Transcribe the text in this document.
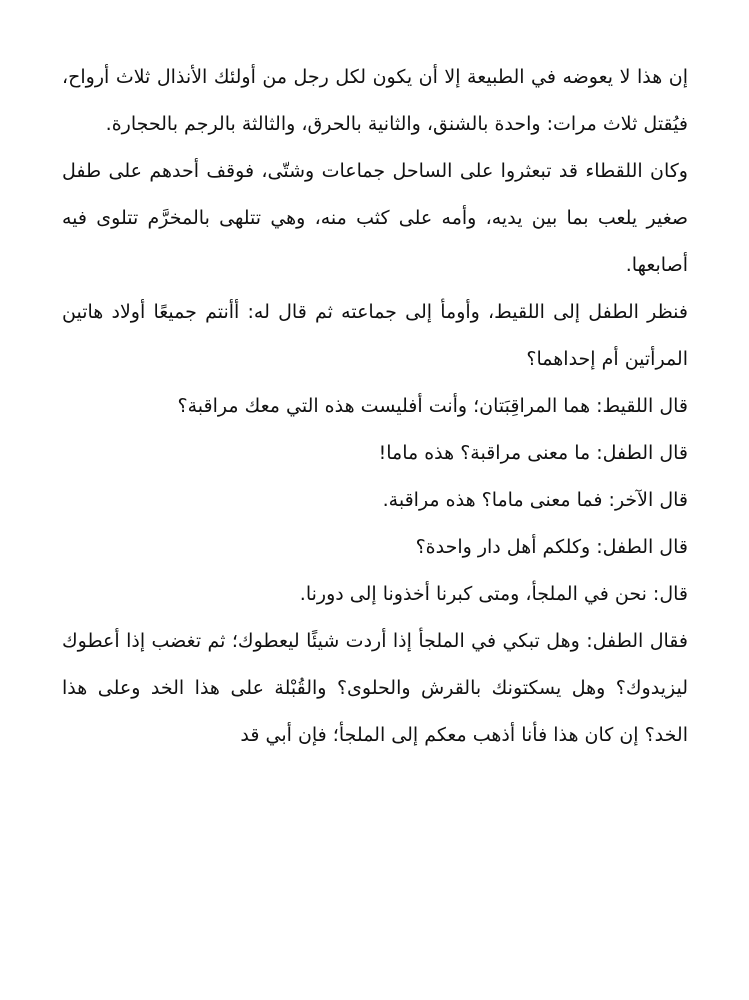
إن هذا لا يعوضه في الطبيعة إلا أن يكون لكل رجل من أولئك الأنذال ثلاث أرواح، فيُقتل ثلاث مرات: واحدة بالشنق، والثانية بالحرق، والثالثة بالرجم بالحجارة.

وكان اللقطاء قد تبعثروا على الساحل جماعات وشتّى، فوقف أحدهم على طفل صغير يلعب بما بين يديه، وأمه على كثب منه، وهي تتلهى بالمخرَّم تتلوى فيه أصابعها.

فنظر الطفل إلى اللقيط، وأومأ إلى جماعته ثم قال له: أأنتم جميعًا أولاد هاتين المرأتين أم إحداهما؟

قال اللقيط: هما المراقِبَتان؛ وأنت أفليست هذه التي معك مراقبة؟

قال الطفل: ما معنى مراقبة؟ هذه ماما!

قال الآخر: فما معنى ماما؟ هذه مراقبة.

قال الطفل: وكلكم أهل دار واحدة؟

قال: نحن في الملجأ، ومتى كبرنا أخذونا إلى دورنا.

فقال الطفل: وهل تبكي في الملجأ إذا أردت شيئًا ليعطوك؛ ثم تغضب إذا أعطوك ليزيدوك؟ وهل يسكتونك بالقرش والحلوى؟ والقُبْلة على هذا الخد وعلى هذا الخد؟ إن كان هذا فأنا أذهب معكم إلى الملجأ؛ فإن أبي قد
